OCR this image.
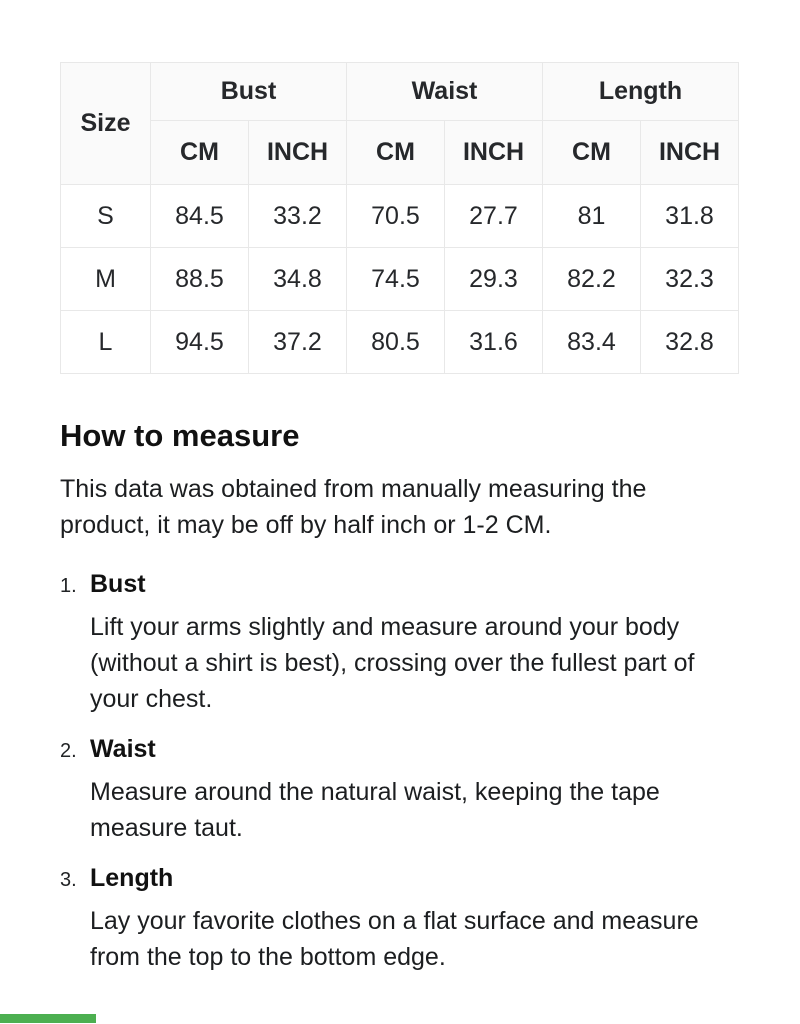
Size	Bust		Waist		Length	
	CM	INCH	CM	INCH	CM	INCH
S	84.5	33.2	70.5	27.7	81	31.8
M	88.5	34.8	74.5	29.3	82.2	32.3
L	94.5	37.2	80.5	31.6	83.4	32.8
How to measure

This data was obtained from manually measuring the product, it may be off by half inch or 1-2 CM.

1. Bust
Lift your arms slightly and measure around your body (without a shirt is best), crossing over the fullest part of your chest.
2. Waist
Measure around the natural waist, keeping the tape measure taut.
3. Length
Lay your favorite clothes on a flat surface and measure from the top to the bottom edge.
